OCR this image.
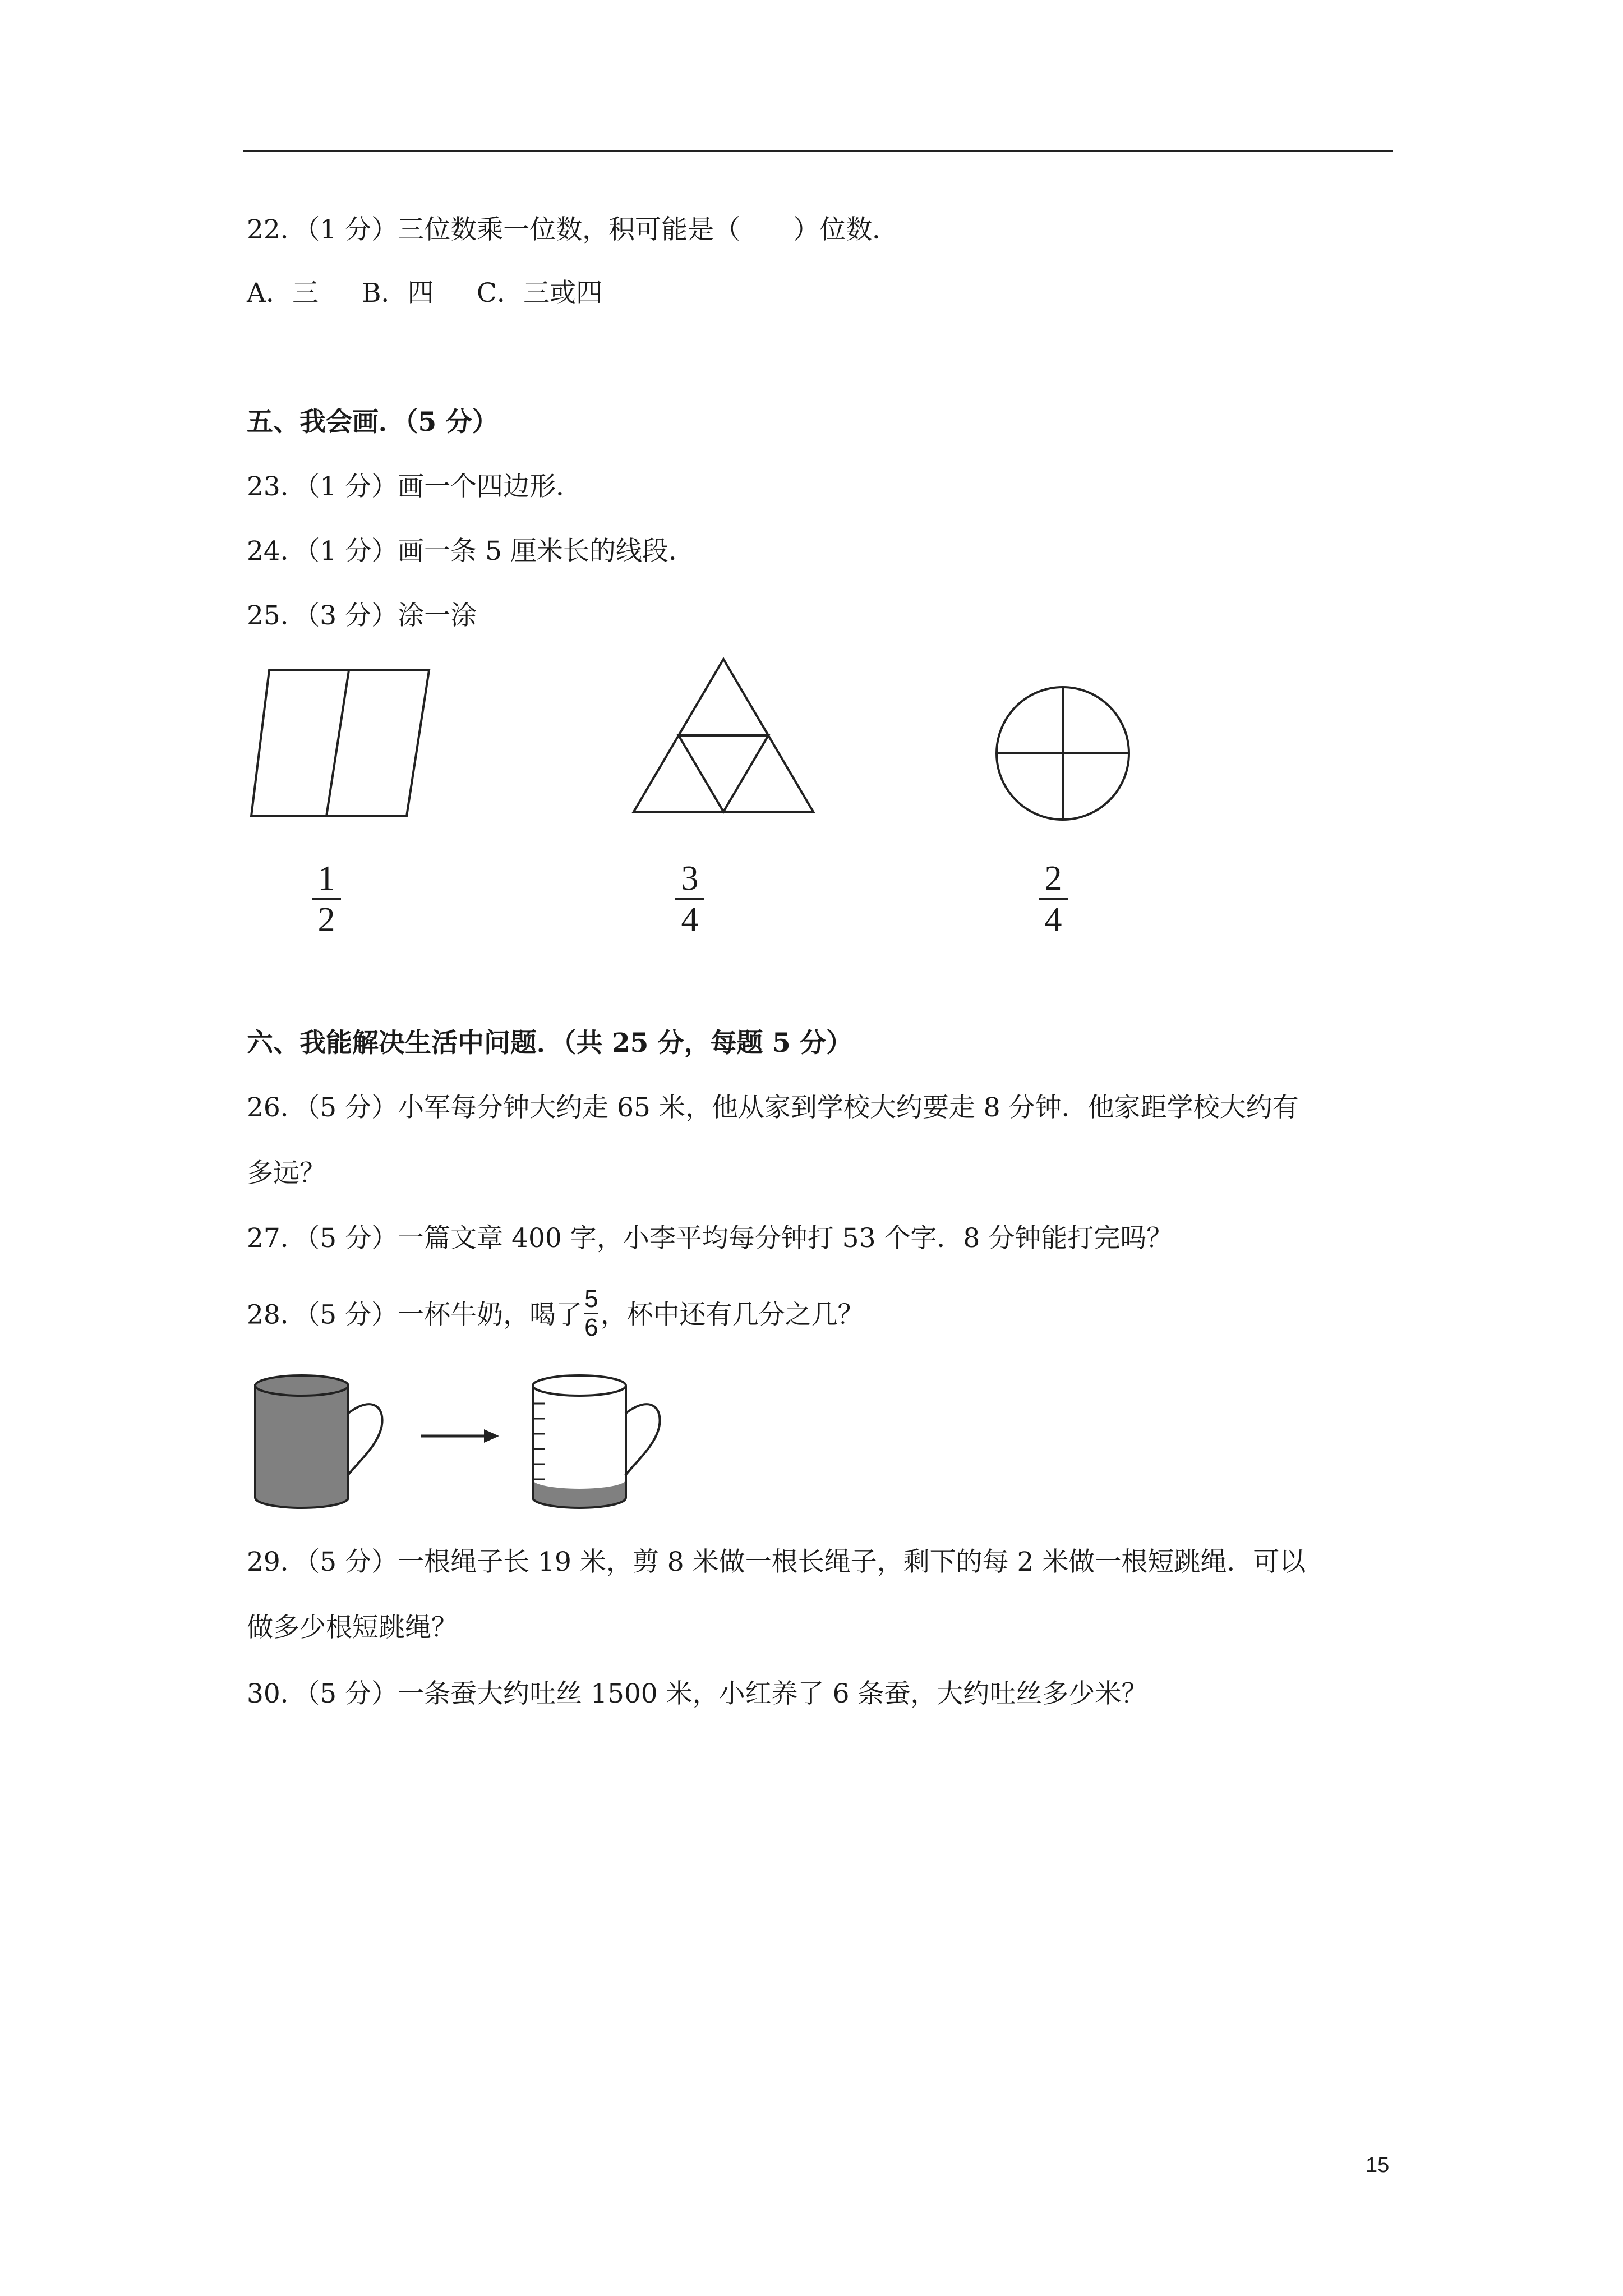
22．（1 分）三位数乘一位数，积可能是（　　）位数．
A．三 B．四 C．三或四
五、我会画．（5 分）
23．（1 分）画一个四边形．
24．（1 分）画一条 5 厘米长的线段．
25．（3 分）涂一涂
1
2
3
4
2
4
六、我能解决生活中问题．（共 25 分，每题 5 分）
26．（5 分）小军每分钟大约走 65 米，他从家到学校大约要走 8 分钟．他家距学校大约有
多远？
27．（5 分）一篇文章 400 字，小李平均每分钟打 53 个字．8 分钟能打完吗？
28．（5 分）一杯牛奶，喝了 $\frac{5}{6}$ ，杯中还有几分之几？
29．（5 分）一根绳子长 19 米，剪 8 米做一根长绳子，剩下的每 2 米做一根短跳绳．可以
做多少根短跳绳？
30．（5 分）一条蚕大约吐丝 1500 米，小红养了 6 条蚕，大约吐丝多少米？
15
